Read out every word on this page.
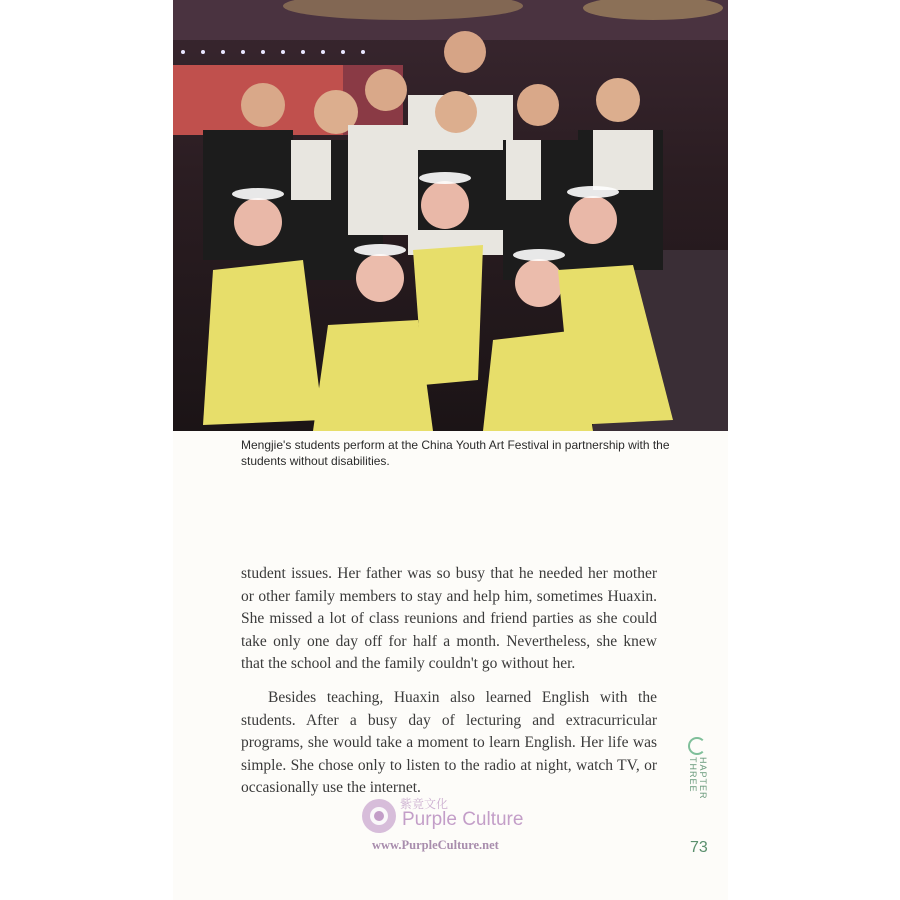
Mengjie's students perform at the China Youth Art Festival in partnership with the students without disabilities.

student issues. Her father was so busy that he needed her mother or other family members to stay and help him, sometimes Huaxin. She missed a lot of class reunions and friend parties as she could take only one day off for half a month. Nevertheless, she knew that the school and the family couldn't go without her.

Besides teaching, Huaxin also learned English with the students. After a busy day of lecturing and extracurricular programs, she would take a moment to learn English. Her life was simple. She chose only to listen to the radio at night, watch TV, or occasionally use the internet.	HAPTER THREE
73
紫竟文化
Purple Culture
www.PurpleCulture.net
